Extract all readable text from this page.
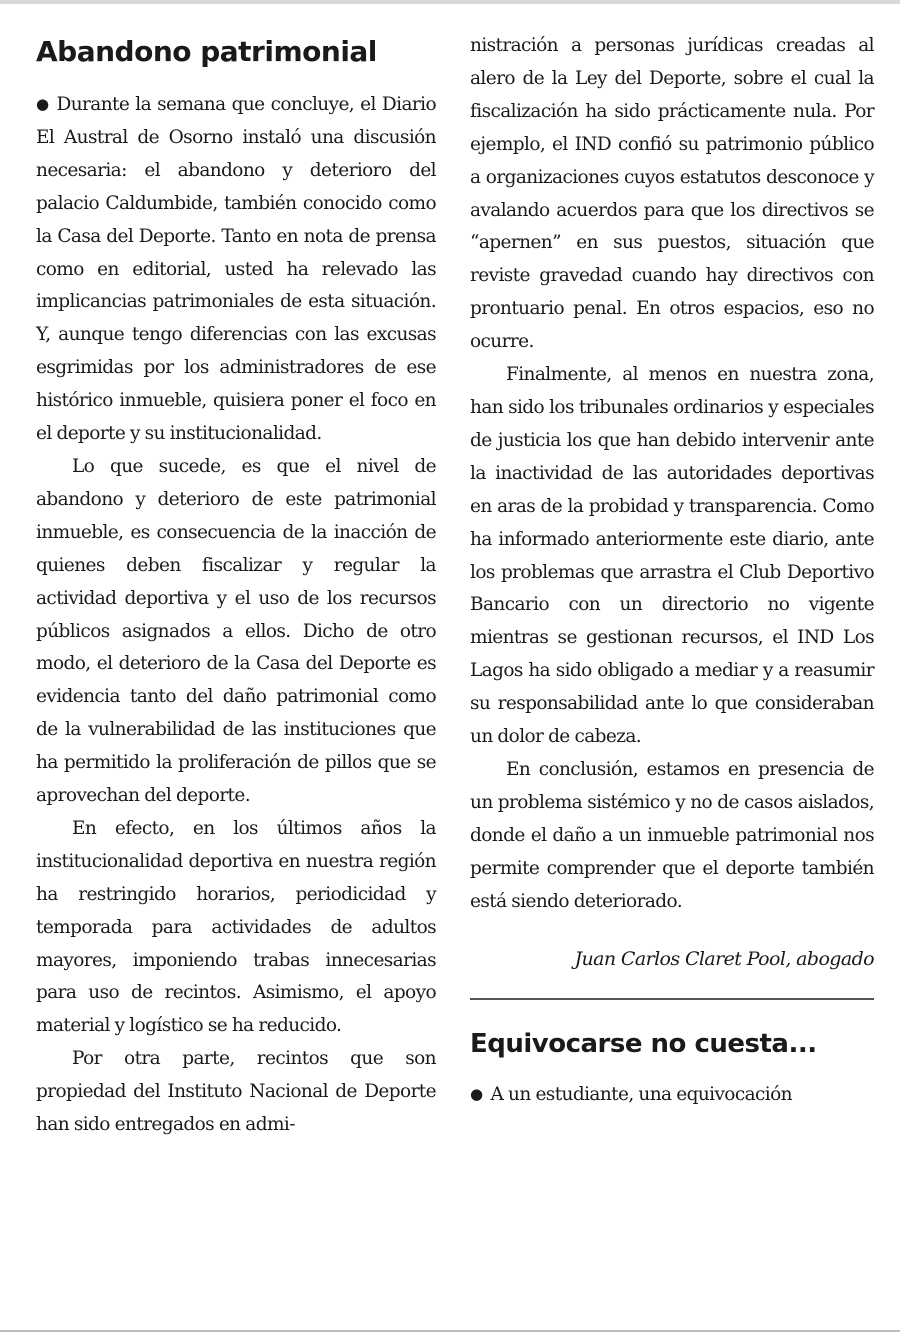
Abandono patrimonial

● Durante la semana que concluye, el Diario El Austral de Osorno instaló una discusión necesaria: el abandono y deterioro del palacio Caldumbide, también conocido como la Casa del Deporte. Tanto en nota de prensa como en editorial, usted ha relevado las implicancias patrimoniales de esta situación. Y, aunque tengo diferencias con las excusas esgrimidas por los administradores de ese histórico inmueble, quisiera poner el foco en el deporte y su institucionalidad.

Lo que sucede, es que el nivel de abandono y deterioro de este patrimonial inmueble, es consecuencia de la inacción de quienes deben fiscalizar y regular la actividad deportiva y el uso de los recursos públicos asignados a ellos. Dicho de otro modo, el deterioro de la Casa del Deporte es evidencia tanto del daño patrimonial como de la vulnerabilidad de las instituciones que ha permitido la proliferación de pillos que se aprovechan del deporte.

En efecto, en los últimos años la institucionalidad deportiva en nuestra región ha restringido horarios, periodicidad y temporada para actividades de adultos mayores, imponiendo trabas innecesarias para uso de recintos. Asimismo, el apoyo material y logístico se ha reducido.

Por otra parte, recintos que son propiedad del Instituto Nacional de Deporte han sido entregados en admi-

nistración a personas jurídicas creadas al alero de la Ley del Deporte, sobre el cual la fiscalización ha sido prácticamente nula. Por ejemplo, el IND confió su patrimonio público a organizaciones cuyos estatutos desconoce y avalando acuerdos para que los directivos se “apernen” en sus puestos, situación que reviste gravedad cuando hay directivos con prontuario penal. En otros espacios, eso no ocurre.

Finalmente, al menos en nuestra zona, han sido los tribunales ordinarios y especiales de justicia los que han debido intervenir ante la inactividad de las autoridades deportivas en aras de la probidad y transparencia. Como ha informado anteriormente este diario, ante los problemas que arrastra el Club Deportivo Bancario con un directorio no vigente mientras se gestionan recursos, el IND Los Lagos ha sido obligado a mediar y a reasumir su responsabilidad ante lo que consideraban un dolor de cabeza.

En conclusión, estamos en presencia de un problema sistémico y no de casos aislados, donde el daño a un inmueble patrimonial nos permite comprender que el deporte también está siendo deteriorado.

Juan Carlos Claret Pool, abogado

Equivocarse no cuesta...

● A un estudiante, una equivocación
